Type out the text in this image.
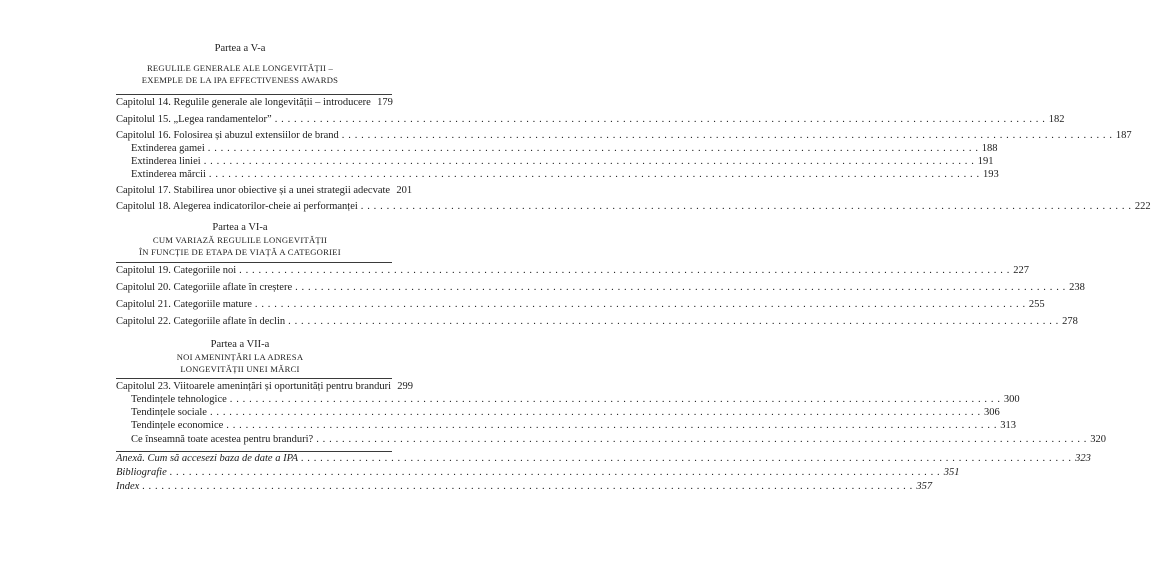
Partea a V-a
REGULILE GENERALE ALE LONGEVITĂȚII –
EXEMPLE DE LA IPA EFFECTIVENESS AWARDS
Capitolul 14. Regulile generale ale longevității – introducere 179
Capitolul 15. „Legea randamentelor” . . . . . . . . . . . . . . . . . . . . . . . . . . . . . . . . . . . . . . . . . . . . . . . . . . . . . . . . . . . . . . . . . . . . . . . . . . . . . . . . . . . . . . . . . . . . . . . . . . . . . . . . . . . . . . . . . . . . . . . . 182
Capitolul 16. Folosirea și abuzul extensiilor de brand . . . . . . . . . . . . . . . . . . . . . . . . . . . . . . . . . . . . . . . . . . . . . . . . . . . . . . . . . . . . . . . . . . . . . . . . . . . . . . . . . . . . . . . . . . . . . . . . . . . . . . . . . . . . . . . . . . . . . . . . 187
Extinderea gamei . . . . . . . . . . . . . . . . . . . . . . . . . . . . . . . . . . . . . . . . . . . . . . . . . . . . . . . . . . . . . . . . . . . . . . . . . . . . . . . . . . . . . . . . . . . . . . . . . . . . . . . . . . . . . . . . . . . . . . . . 188
Extinderea liniei . . . . . . . . . . . . . . . . . . . . . . . . . . . . . . . . . . . . . . . . . . . . . . . . . . . . . . . . . . . . . . . . . . . . . . . . . . . . . . . . . . . . . . . . . . . . . . . . . . . . . . . . . . . . . . . . . . . . . . . . 191
Extinderea mărcii . . . . . . . . . . . . . . . . . . . . . . . . . . . . . . . . . . . . . . . . . . . . . . . . . . . . . . . . . . . . . . . . . . . . . . . . . . . . . . . . . . . . . . . . . . . . . . . . . . . . . . . . . . . . . . . . . . . . . . . . 193
Capitolul 17. Stabilirea unor obiective și a unei strategii adecvate 201
Capitolul 18. Alegerea indicatorilor-cheie ai performanței . . . . . . . . . . . . . . . . . . . . . . . . . . . . . . . . . . . . . . . . . . . . . . . . . . . . . . . . . . . . . . . . . . . . . . . . . . . . . . . . . . . . . . . . . . . . . . . . . . . . . . . . . . . . . . . . . . . . . . . . 222
Partea a VI-a
CUM VARIAZĂ REGULILE LONGEVITĂȚII
ÎN FUNCȚIE DE ETAPA DE VIAȚĂ A CATEGORIEI
Capitolul 19. Categoriile noi . . . . . . . . . . . . . . . . . . . . . . . . . . . . . . . . . . . . . . . . . . . . . . . . . . . . . . . . . . . . . . . . . . . . . . . . . . . . . . . . . . . . . . . . . . . . . . . . . . . . . . . . . . . . . . . . . . . . . . . . 227
Capitolul 20. Categoriile aflate în creștere . . . . . . . . . . . . . . . . . . . . . . . . . . . . . . . . . . . . . . . . . . . . . . . . . . . . . . . . . . . . . . . . . . . . . . . . . . . . . . . . . . . . . . . . . . . . . . . . . . . . . . . . . . . . . . . . . . . . . . . . 238
Capitolul 21. Categoriile mature . . . . . . . . . . . . . . . . . . . . . . . . . . . . . . . . . . . . . . . . . . . . . . . . . . . . . . . . . . . . . . . . . . . . . . . . . . . . . . . . . . . . . . . . . . . . . . . . . . . . . . . . . . . . . . . . . . . . . . . . 255
Capitolul 22. Categoriile aflate în declin . . . . . . . . . . . . . . . . . . . . . . . . . . . . . . . . . . . . . . . . . . . . . . . . . . . . . . . . . . . . . . . . . . . . . . . . . . . . . . . . . . . . . . . . . . . . . . . . . . . . . . . . . . . . . . . . . . . . . . . . 278
Partea a VII-a
NOI AMENINȚĂRI LA ADRESA
LONGEVITĂȚII UNEI MĂRCI
Capitolul 23. Viitoarele amenințări și oportunități pentru branduri 299
Tendințele tehnologice . . . . . . . . . . . . . . . . . . . . . . . . . . . . . . . . . . . . . . . . . . . . . . . . . . . . . . . . . . . . . . . . . . . . . . . . . . . . . . . . . . . . . . . . . . . . . . . . . . . . . . . . . . . . . . . . . . . . . . . . 300
Tendințele sociale . . . . . . . . . . . . . . . . . . . . . . . . . . . . . . . . . . . . . . . . . . . . . . . . . . . . . . . . . . . . . . . . . . . . . . . . . . . . . . . . . . . . . . . . . . . . . . . . . . . . . . . . . . . . . . . . . . . . . . . . 306
Tendințele economice . . . . . . . . . . . . . . . . . . . . . . . . . . . . . . . . . . . . . . . . . . . . . . . . . . . . . . . . . . . . . . . . . . . . . . . . . . . . . . . . . . . . . . . . . . . . . . . . . . . . . . . . . . . . . . . . . . . . . . . . 313
Ce înseamnă toate acestea pentru branduri? . . . . . . . . . . . . . . . . . . . . . . . . . . . . . . . . . . . . . . . . . . . . . . . . . . . . . . . . . . . . . . . . . . . . . . . . . . . . . . . . . . . . . . . . . . . . . . . . . . . . . . . . . . . . . . . . . . . . . . . . 320
Anexă. Cum să accesezi baza de date a IPA . . . . . . . . . . . . . . . . . . . . . . . . . . . . . . . . . . . . . . . . . . . . . . . . . . . . . . . . . . . . . . . . . . . . . . . . . . . . . . . . . . . . . . . . . . . . . . . . . . . . . . . . . . . . . . . . . . . . . . . . 323
Bibliografie . . . . . . . . . . . . . . . . . . . . . . . . . . . . . . . . . . . . . . . . . . . . . . . . . . . . . . . . . . . . . . . . . . . . . . . . . . . . . . . . . . . . . . . . . . . . . . . . . . . . . . . . . . . . . . . . . . . . . . . . 351
Index . . . . . . . . . . . . . . . . . . . . . . . . . . . . . . . . . . . . . . . . . . . . . . . . . . . . . . . . . . . . . . . . . . . . . . . . . . . . . . . . . . . . . . . . . . . . . . . . . . . . . . . . . . . . . . . . . . . . . . . . 357
